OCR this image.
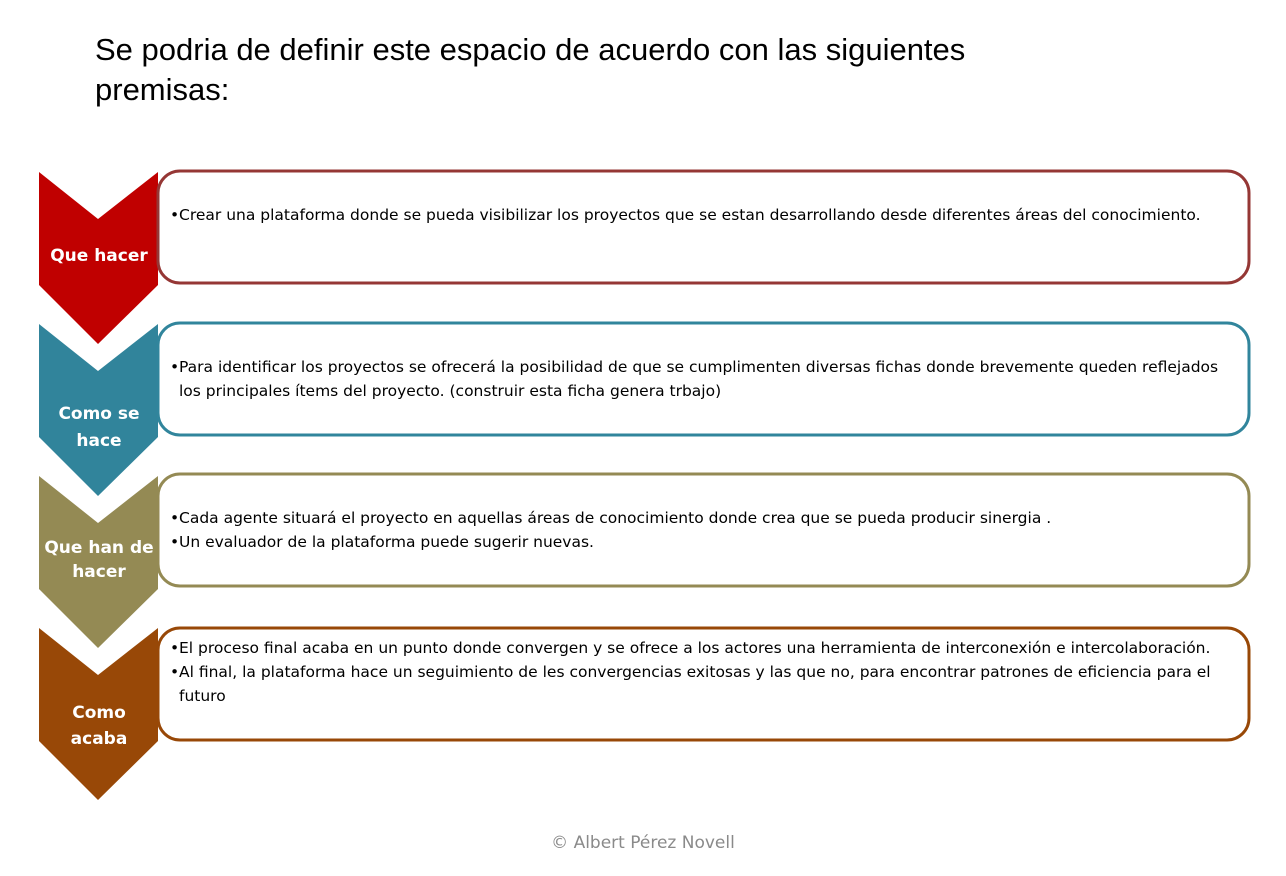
Se podria de definir este espacio de acuerdo con las siguientes premisas:
Que hacer
Como se
hace
Que han de
hacer
Como
acaba
• Crear una plataforma donde se pueda visibilizar los proyectos que se estan desarrollando desde diferentes áreas del conocimiento.
• Para identificar los proyectos se ofrecerá la posibilidad de que se cumplimenten diversas fichas donde brevemente queden reflejados los principales ítems del proyecto. (construir esta ficha genera trbajo)
• Cada agente situará el proyecto en aquellas áreas de conocimiento donde crea que se pueda producir sinergia .
• Un evaluador de la plataforma puede sugerir nuevas.
• El proceso final acaba en un punto donde convergen y se ofrece a los actores una herramienta de interconexión e intercolaboración.
• Al final, la plataforma hace un seguimiento de les convergencias exitosas y las que no, para encontrar patrones de eficiencia para el futuro
© Albert Pérez Novell
